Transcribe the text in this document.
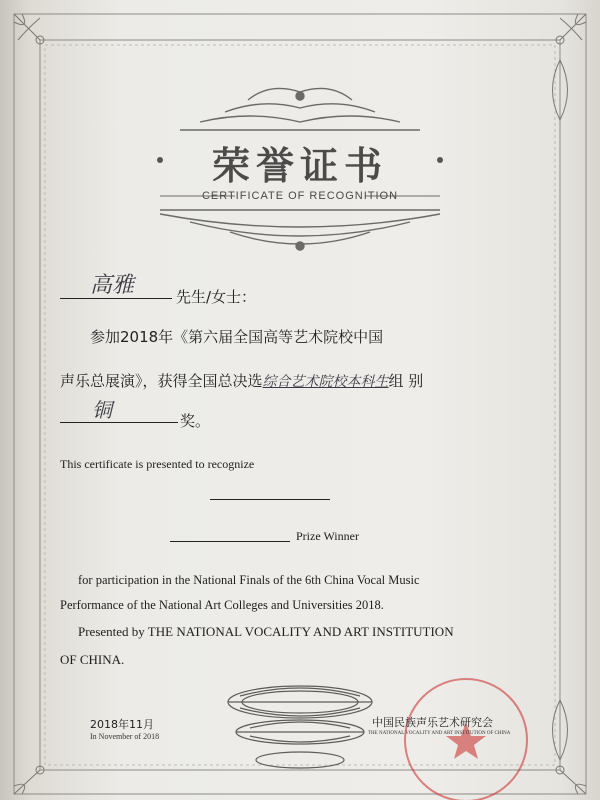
荣誉证书
CERTIFICATE OF RECOGNITION
高雅	先生/女士：
参加2018年《第六届全国高等艺术院校中国
声乐总展演》，获得全国总决选综合艺术院校本科生组 别
铜	奖。
This certificate is presented to recognize
Prize Winner
for participation in the National Finals of the 6th China Vocal Music
Performance of the National Art Colleges and Universities 2018.
Presented by THE NATIONAL VOCALITY AND ART INSTITUTION
OF CHINA.
2018年11月
In November of 2018
中国民族声乐艺术研究会
THE NATIONAL VOCALITY AND ART INSTITUTION OF CHINA
